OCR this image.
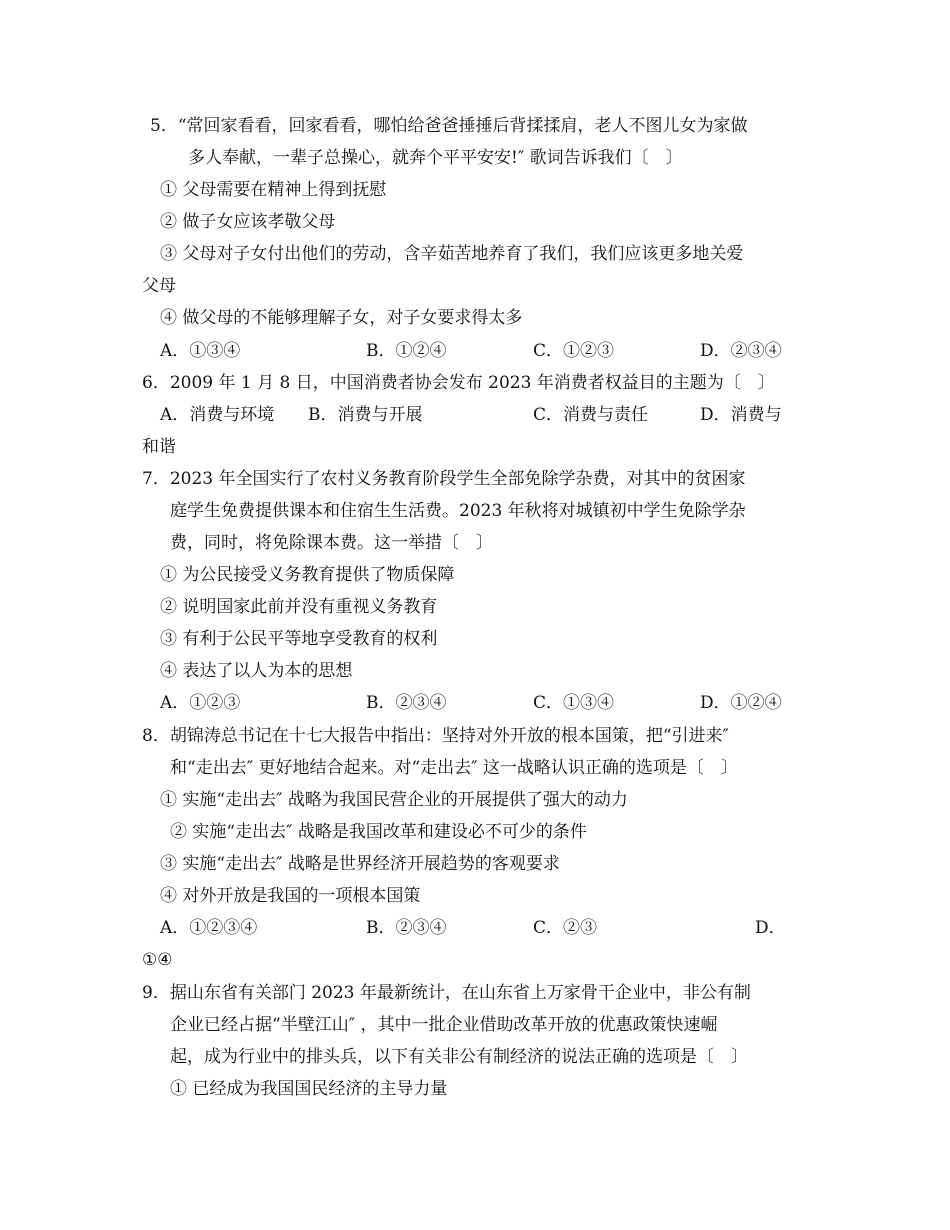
5．“常回家看看，回家看看，哪怕给爸爸捶捶后背揉揉肩，老人不图儿女为家做
多人奉献，一辈子总操心，就奔个平平安安!″ 歌词告诉我们〔　〕
① 父母需要在精神上得到抚慰
② 做子女应该孝敬父母
③ 父母对子女付出他们的劳动，含辛茹苦地养育了我们，我们应该更多地关爱
父母
④ 做父母的不能够理解子女，对子女要求得太多
A．①③④	B．①②④	C．①②③	D．②③④
6．2009 年 1 月 8 日，中国消费者协会发布 2023 年消费者权益目的主题为〔　〕
A．消费与环境 B．消费与开展	C．消费与责任	D．消费与
和谐
7．2023 年全国实行了农村义务教育阶段学生全部免除学杂费，对其中的贫困家
庭学生免费提供课本和住宿生生活费。2023 年秋将对城镇初中学生免除学杂
费，同时，将免除课本费。这一举措〔　〕
① 为公民接受义务教育提供了物质保障
② 说明国家此前并没有重视义务教育
③ 有利于公民平等地享受教育的权利
④ 表达了以人为本的思想
A．①②③	B．②③④	C．①③④	D．①②④
8．胡锦涛总书记在十七大报告中指出：坚持对外开放的根本国策，把“引进来″
和“走出去″ 更好地结合起来。对“走出去″ 这一战略认识正确的选项是〔　〕
① 实施“走出去″ 战略为我国民营企业的开展提供了强大的动力
② 实施“走出去″ 战略是我国改革和建设必不可少的条件
③ 实施“走出去″ 战略是世界经济开展趋势的客观要求
④ 对外开放是我国的一项根本国策
A．①②③④	B．②③④	C．②③	D．
①④
9．据山东省有关部门 2023 年最新统计，在山东省上万家骨干企业中，非公有制
企业已经占据“半壁江山″ ，其中一批企业借助改革开放的优惠政策快速崛
起，成为行业中的排头兵，以下有关非公有制经济的说法正确的选项是〔　〕
① 已经成为我国国民经济的主导力量
